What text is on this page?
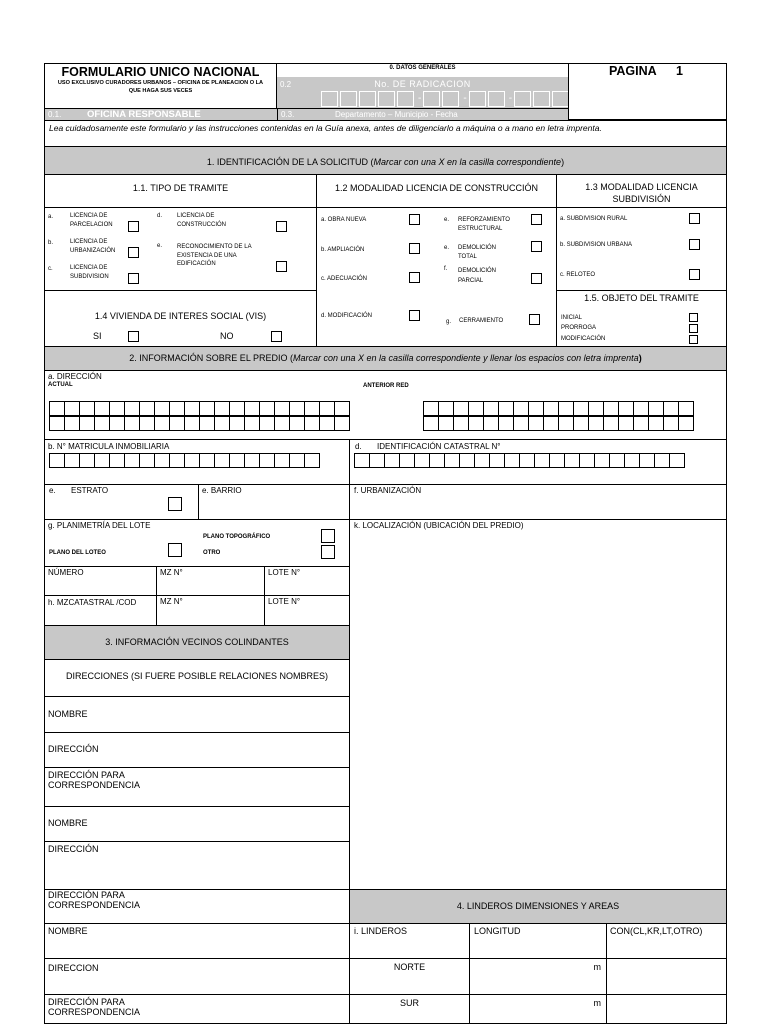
FORMULARIO UNICO NACIONAL
USO EXCLUSIVO CURADORES URBANOS – OFICINA DE PLANEACION O LA QUE HAGA SUS VECES
0. DATOS GENERALES
0.2	No. DE RADICACION
-	-	-
PAGINA 1
0.1.	OFICINA RESPONSABLE	0.3.	Departamento – Municipio - Fecha
Lea cuidadosamente este formulario y las instrucciones contenidas en la Guía anexa, antes de diligenciarlo a máquina o a mano en letra imprenta.
1. IDENTIFICACIÓN DE LA SOLICITUD (Marcar con una X en la casilla correspondiente)
1.1. TIPO DE TRAMITE
a.	LICENCIA DE PARCELACION
b.	LICENCIA DE URBANIZACIÓN
c.	LICENCIA DE SUBDIVISION
d. LICENCIA DE CONSTRUCCIÓN
e. RECONOCIMIENTO DE LA EXISTENCIA DE UNA EDIFICACIÓN
1.2 MODALIDAD LICENCIA DE CONSTRUCCIÓN
a. OBRA NUEVA
b. AMPLIACIÓN
c. ADECUACIÓN
d. MODIFICACIÓN
e. REFORZAMIENTO ESTRUCTURAL
e. DEMOLICIÓN TOTAL
f. DEMOLICIÓN PARCIAL
g. CERRAMIENTO
1.3 MODALIDAD LICENCIA SUBDIVISIÓN
a. SUBDIVISION RURAL
b. SUBDIVISION URBANA
c. RELOTEO
1.4 VIVIENDA DE INTERES SOCIAL (VIS)
SI	NO
1.5. OBJETO DEL TRAMITE
INICIAL
PRORROGA
MODIFICACIÓN
2. INFORMACIÓN SOBRE EL PREDIO (Marcar con una X en la casilla correspondiente y llenar los espacios con letra imprenta)
a. DIRECCIÓN
ACTUAL	ANTERIOR RED
b. N° MATRICULA INMOBILIARIA	d. IDENTIFICACIÓN CATASTRAL N°
e. ESTRATO	e. BARRIO	f. URBANIZACIÓN
g. PLANIMETRÍA DEL LOTE
PLANO TOPOGRÁFICO
PLANO DEL LOTEO	OTRO
k. LOCALIZACIÓN (UBICACIÓN DEL PREDIO)
NÚMERO	MZ N°	LOTE N°
h. MZCATASTRAL /COD	MZ N°	LOTE N°
3. INFORMACIÓN VECINOS COLINDANTES
DIRECCIONES (SI FUERE POSIBLE RELACIONES NOMBRES)
NOMBRE
DIRECCIÓN
DIRECCIÓN PARA CORRESPONDENCIA
NOMBRE
DIRECCIÓN
DIRECCIÓN PARA CORRESPONDENCIA
NOMBRE
DIRECCION
DIRECCIÓN PARA CORRESPONDENCIA
4. LINDEROS DIMENSIONES Y AREAS
i. LINDEROS	LONGITUD	CON(CL,KR,LT,OTRO)
NORTE	m
SUR	m
